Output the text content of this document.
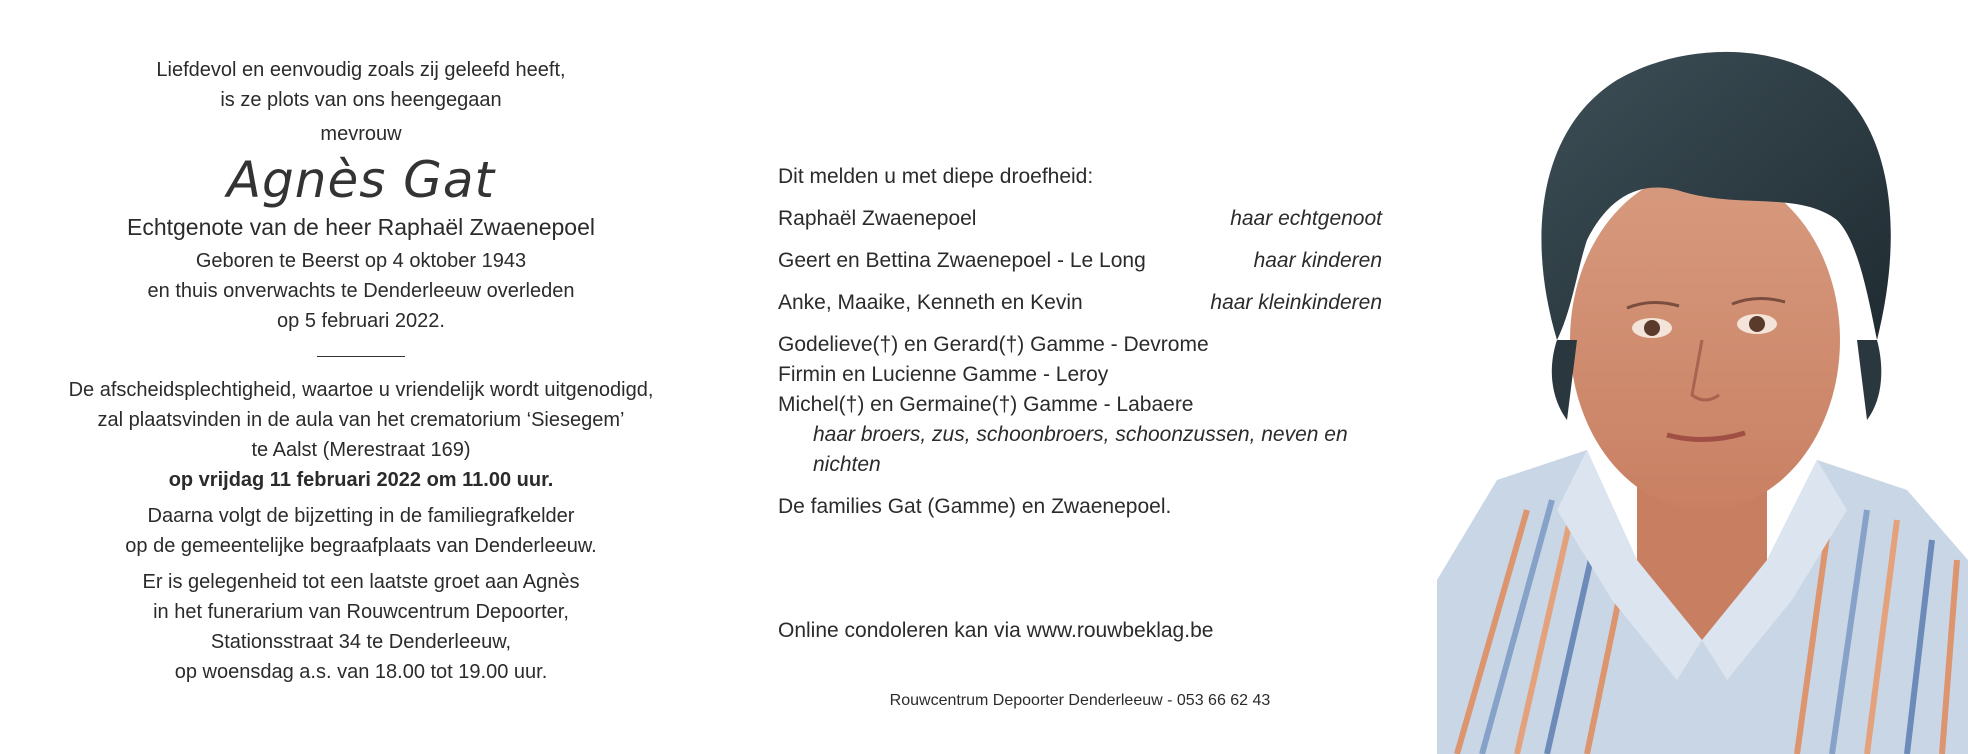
Liefdevol en eenvoudig zoals zij geleefd heeft,
is ze plots van ons heengegaan
mevrouw
Agnès Gat
Echtgenote van de heer Raphaël Zwaenepoel
Geboren te Beerst op 4 oktober 1943
en thuis onverwachts te Denderleeuw overleden
op 5 februari 2022.
De afscheidsplechtigheid, waartoe u vriendelijk wordt uitgenodigd,
zal plaatsvinden in de aula van het crematorium ‘Siesegem’
te Aalst (Merestraat 169)
op vrijdag 11 februari 2022 om 11.00 uur.
Daarna volgt de bijzetting in de familiegrafkelder
op de gemeentelijke begraafplaats van Denderleeuw.
Er is gelegenheid tot een laatste groet aan Agnès
in het funerarium van Rouwcentrum Depoorter,
Stationsstraat 34 te Denderleeuw,
op woensdag a.s. van 18.00 tot 19.00 uur.
Dit melden u met diepe droefheid:
Raphaël Zwaenepoel	haar echtgenoot
Geert en Bettina Zwaenepoel - Le Long	haar kinderen
Anke, Maaike, Kenneth en Kevin	haar kleinkinderen
Godelieve(†) en Gerard(†) Gamme - Devrome
Firmin en Lucienne Gamme - Leroy
Michel(†) en Germaine(†) Gamme - Labaere
haar broers, zus, schoonbroers, schoonzussen, neven en nichten
De families Gat (Gamme) en Zwaenepoel.
Online condoleren kan via www.rouwbeklag.be
Rouwcentrum Depoorter Denderleeuw - 053 66 62 43
